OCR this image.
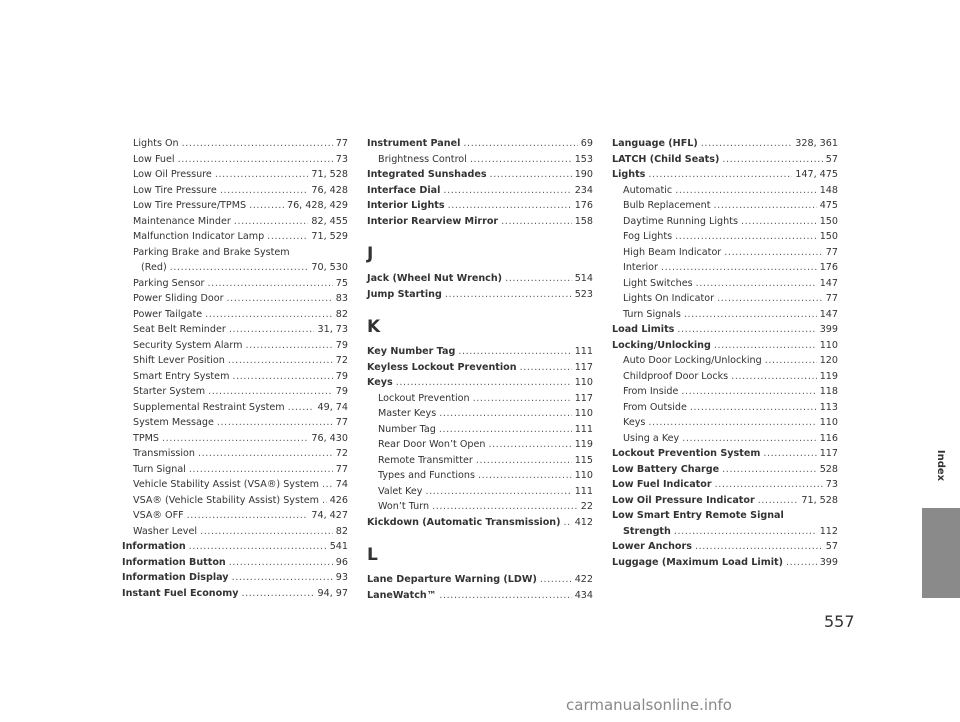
Lights On .....	77
Low Fuel .....	73
Low Oil Pressure .....	71, 528
Low Tire Pressure .....	76, 428
Low Tire Pressure/TPMS .....	76, 428, 429
Maintenance Minder .....	82, 455
Malfunction Indicator Lamp .....	71, 529
Parking Brake and Brake System
(Red) .....	70, 530
Parking Sensor .....	75
Power Sliding Door .....	83
Power Tailgate .....	82
Seat Belt Reminder .....	31, 73
Security System Alarm .....	79
Shift Lever Position .....	72
Smart Entry System .....	79
Starter System .....	79
Supplemental Restraint System .....	49, 74
System Message .....	77
TPMS .....	76, 430
Transmission .....	72
Turn Signal .....	77
Vehicle Stability Assist (VSA®) System ..... 74
VSA® (Vehicle Stability Assist) System ..... 426
VSA® OFF .....	74, 427
Washer Level .....	82
Information .....	541
Information Button .....	96
Information Display .....	93
Instant Fuel Economy .....	94, 97
Instrument Panel .....	69
Brightness Control .....	153
Integrated Sunshades .....	190
Interface Dial .....	234
Interior Lights .....	176
Interior Rearview Mirror .....	158
J
Jack (Wheel Nut Wrench) .....	514
Jump Starting .....	523
K
Key Number Tag .....	111
Keyless Lockout Prevention .....	117
Keys .....	110
Lockout Prevention .....	117
Master Keys .....	110
Number Tag .....	111
Rear Door Won’t Open .....	119
Remote Transmitter .....	115
Types and Functions .....	110
Valet Key .....	111
Won’t Turn .....	22
Kickdown (Automatic Transmission) ..... 412
L
Lane Departure Warning (LDW) .....	422
LaneWatch™ .....	434
Language (HFL) .....	328, 361
LATCH (Child Seats) .....	57
Lights .....	147, 475
Automatic .....	148
Bulb Replacement .....	475
Daytime Running Lights .....	150
Fog Lights .....	150
High Beam Indicator .....	77
Interior .....	176
Light Switches .....	147
Lights On Indicator .....	77
Turn Signals .....	147
Load Limits .....	399
Locking/Unlocking .....	110
Auto Door Locking/Unlocking .....	120
Childproof Door Locks .....	119
From Inside .....	118
From Outside .....	113
Keys .....	110
Using a Key .....	116
Lockout Prevention System .....	117
Low Battery Charge .....	528
Low Fuel Indicator .....	73
Low Oil Pressure Indicator .....	71, 528
Low Smart Entry Remote Signal
Strength .....	112
Lower Anchors .....	57
Luggage (Maximum Load Limit) .....	399
Index
557
carmanualsonline.info
